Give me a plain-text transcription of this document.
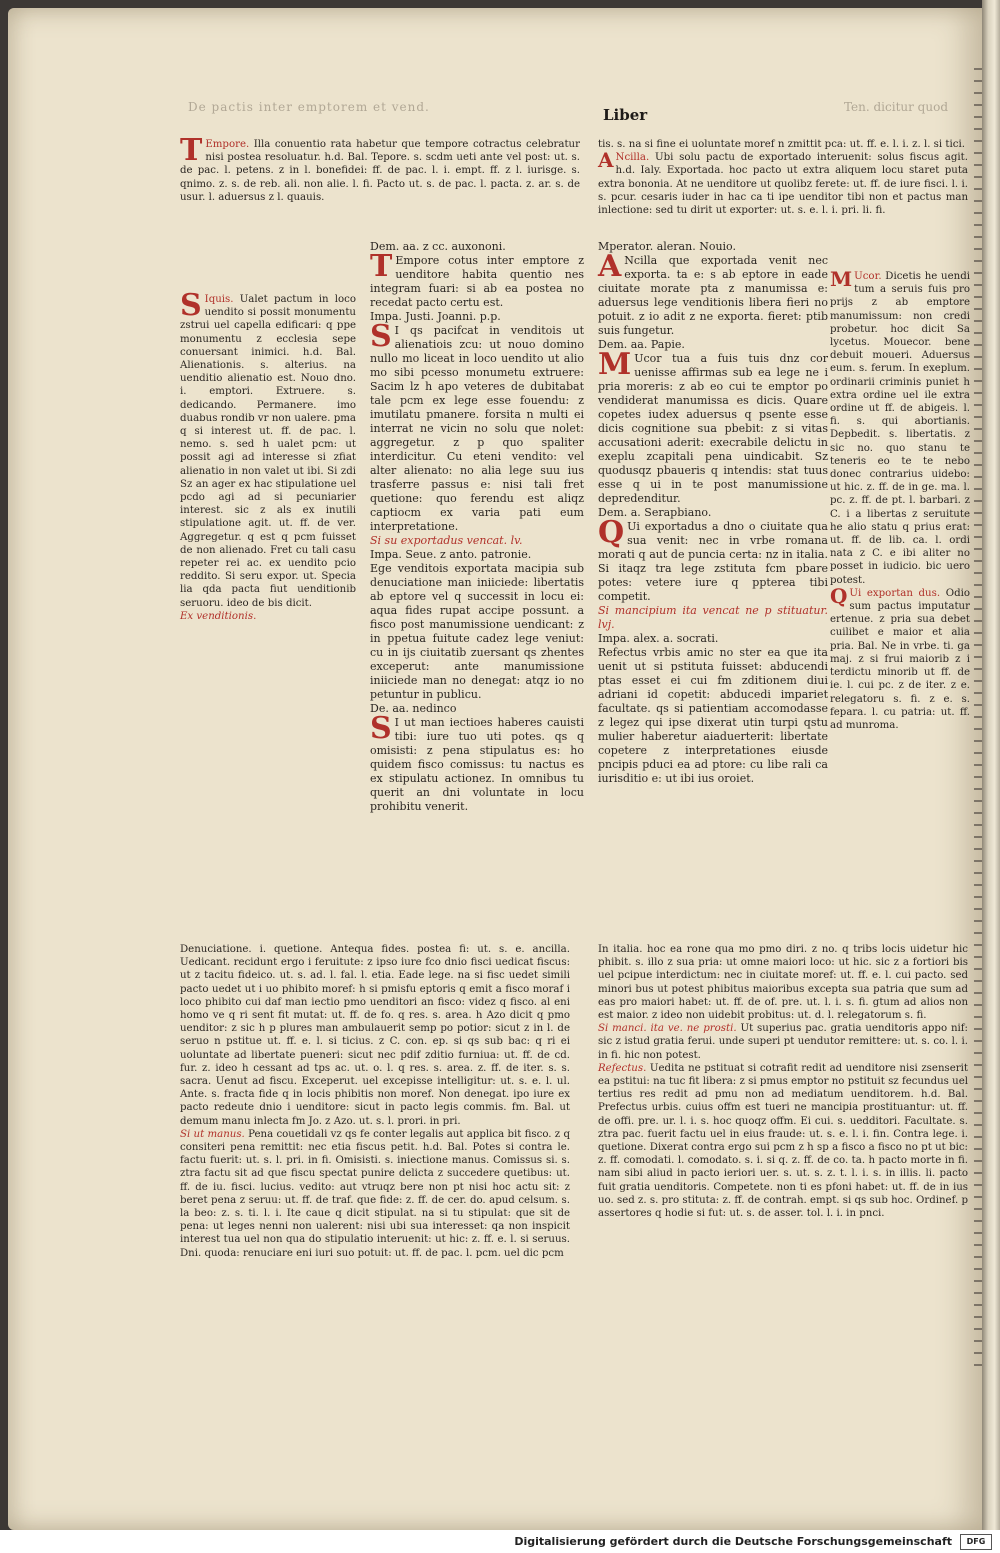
De pactis inter emptorem et vend.	Liber	Ten. dicitur quod

T Empore. Illa conuentio rata habetur que tempore cotractus celebratur nisi postea resoluatur. h.d. Bal. Tepore. s. scdm ueti ante vel post: ut. s. de pac. l. petens. z in l. bonefidei: ff. de pac. l. i. empt. ff. z l. iurisge. s. qnimo. z. s. de reb. ali. non alie. l. fi. Pacto ut. s. de pac. l. pacta. z. ar. s. de usur. l. aduersus z l. quauis.

S Iquis. Ualet pactum in loco uendito si possit monumentu zstrui uel capella edificari: q ppe monumentu z ecclesia sepe conuersant inimici. h.d. Bal. Alienationis. s. alterius. na uenditio alienatio est. Nouo dno. i. emptori. Extruere. s. dedicando. Permanere. imo duabus rondib vr non ualere. pma q si interest ut. ff. de pac. l. nemo. s. sed h ualet pcm: ut possit agi ad interesse si zfiat alienatio in non valet ut ibi. Si zdi Sz an ager ex hac stipulatione uel pcdo agi ad si pecuniarier interest. sic z als ex inutili stipulatione agit. ut. ff. de ver. Aggregetur. q est q pcm fuisset de non alienado. Fret cu tali casu repeter rei ac. ex uendito pcio reddito. Si seru expor. ut. Specia lia qda pacta fiut uenditionib seruoru. ideo de bis dicit.

Ex venditionis.

Dem. aa. z cc. auxononi.

T Empore cotus inter emptore z uenditore habita quentio nes integram fuari: si ab ea postea no recedat pacto certu est.

Impa. Justi. Joanni. p.p.

S I qs pacifcat in venditois ut alienatiois zcu: ut nouo domino nullo mo liceat in loco uendito ut alio mo sibi pcesso monumetu extruere: Sacim lz h apo veteres de dubitabat tale pcm ex lege esse fouendu: z imutilatu pmanere. forsita n multi ei interrat ne vicin no solu que nolet: aggregetur. z p quo spaliter interdicitur. Cu eteni vendito: vel alter alienato: no alia lege suu ius trasferre passus e: nisi tali fret quetione: quo ferendu est aliqz captiocm ex varia pati eum interpretatione.

Si su exportadus vencat. lv.

Impa. Seue. z anto. patronie.

Ege venditois exportata macipia sub denuciatione man iniiciede: libertatis ab eptore vel q successit in locu ei: aqua fides rupat accipe possunt. a fisco post manumissione uendicant: z in ppetua fuitute cadez lege veniut: cu in ijs ciuitatib zuersant qs zhentes exceperut: ante manumissione iniiciede man no denegat: atqz io no petuntur in publicu.

De. aa. nedinco

S I ut man iectioes haberes cauisti tibi: iure tuo uti potes. qs q omisisti: z pena stipulatus es: ho quidem fisco comissus: tu nactus es ex stipulatu actionez. In omnibus tu querit an dni voluntate in locu prohibitu venerit.

tis. s. na si fine ei uoluntate moref n zmittit pca: ut. ff. e. l. i. z. l. si tici.

A Ncilla. Ubi solu pactu de exportado interuenit: solus fiscus agit. h.d. Ialy. Exportada. hoc pacto ut extra aliquem locu staret puta extra bononia. At ne uenditore ut quolibz ferete: ut. ff. de iure fisci. l. i. s. pcur. cesaris iuder in hac ca ti ipe uenditor tibi non et pactus man inlectione: sed tu dirit ut exporter: ut. s. e. l. i. pri. li. fi.

Mperator. aleran. Nouio.

A Ncilla que exportada venit nec exporta. ta e: s ab eptore in eade ciuitate morate pta z manumissa e: aduersus lege venditionis libera fieri no potuit. z io adit z ne exporta. fieret: ptib suis fungetur.

Dem. aa. Papie.

M Ucor tua a fuis tuis dnz cor uenisse affirmas sub ea lege ne i pria moreris: z ab eo cui te emptor po vendiderat manumissa es dicis. Quare copetes iudex aduersus q psente esse dicis cognitione sua pbebit: z si vitas accusationi aderit: execrabile delictu in exeplu zcapitali pena uindicabit. Sz quodusqz pbaueris q intendis: stat tuus esse q ui in te post manumissione depredenditur.

Dem. a. Serapbiano.

Q Ui exportadus a dno o ciuitate qua sua venit: nec in vrbe romana morati q aut de puncia certa: nz in italia. Si itaqz tra lege zstituta fcm pbare potes: vetere iure q ppterea tibi competit.

Si mancipium ita vencat ne p stituatur. lvj.

Impa. alex. a. socrati.

Refectus vrbis amic no ster ea que ita uenit ut si pstituta fuisset: abducendi ptas esset ei cui fm zditionem diui adriani id copetit: abducedi impariet facultate. qs si patientiam accomodasse z legez qui ipse dixerat utin turpi qstu mulier haberetur aiaduerterit: libertate copetere z interpretationes eiusde pncipis pduci ea ad ptore: cu libe rali ca iurisditio e: ut ibi ius oroiet.

M Ucor. Dicetis he uendi tum a seruis fuis pro prijs z ab emptore manumissum: non credi probetur. hoc dicit Sa lycetus. Mouecor. bene debuit moueri. Aduersus eum. s. ferum. In exeplum. ordinarii criminis puniet h extra ordine uel ile extra ordine ut ff. de abigeis. l. fi. s. qui abortianis. Depbedit. s. libertatis. z sic no. quo stanu te teneris eo te te nebo donec contrarius uidebo: ut hic. z. ff. de in ge. ma. l. pc. z. ff. de pt. l. barbari. z C. i a libertas z seruitute he alio statu q prius erat: ut. ff. de lib. ca. l. ordi nata z C. e ibi aliter no posset in iudicio. bic uero potest.

Q Ui exportan dus. Odio sum pactus imputatur ertenue. z pria sua debet cuilibet e maior et alia pria. Bal. Ne in vrbe. ti. ga maj. z si frui maiorib z i terdictu minorib ut ff. de ie. l. cui pc. z de iter. z e. relegatoru s. fi. z e. s. fepara. l. cu patria: ut. ff. ad munroma.

Denuciatione. i. quetione. Antequa fides. postea fi: ut. s. e. ancilla. Uedicant. recidunt ergo i feruitute: z ipso iure fco dnio fisci uedicat fiscus: ut z tacitu fideico. ut. s. ad. l. fal. l. etia. Eade lege. na si fisc uedet simili pacto uedet ut i uo phibito moref: h si pmisfu eptoris q emit a fisco moraf i loco phibito cui daf man iectio pmo uenditori an fisco: videz q fisco. al eni homo ve q ri sent fit mutat: ut. ff. de fo. q res. s. area. h Azo dicit q pmo uenditor: z sic h p plures man ambulauerit semp po potior: sicut z in l. de seruo n pstitue ut. ff. e. l. si ticius. z C. con. ep. si qs sub bac: q ri ei uoluntate ad libertate pueneri: sicut nec pdif zditio furniua: ut. ff. de cd. fur. z. ideo h cessant ad tps ac. ut. o. l. q res. s. area. z. ff. de iter. s. s. sacra. Uenut ad fiscu. Exceperut. uel excepisse intelligitur: ut. s. e. l. ul. Ante. s. fracta fide q in locis phibitis non moref. Non denegat. ipo iure ex pacto redeute dnio i uenditore: sicut in pacto legis commis. fm. Bal. ut demum manu inlecta fm Jo. z Azo. ut. s. l. prori. in pri.

Si ut manus. Pena couetidali vz qs fe conter legalis aut applica bit fisco. z q consiteri pena remittit: nec etia fiscus petit. h.d. Bal. Potes si contra le. factu fuerit: ut. s. l. pri. in fi. Omisisti. s. iniectione manus. Comissus si. s. ztra factu sit ad que fiscu spectat punire delicta z succedere quetibus: ut. ff. de iu. fisci. lucius. vedito: aut vtruqz bere non pt nisi hoc actu sit: z beret pena z seruu: ut. ff. de traf. que fide: z. ff. de cer. do. apud celsum. s. la beo: z. s. ti. l. i. Ite caue q dicit stipulat. na si tu stipulat: que sit de pena: ut leges nenni non ualerent: nisi ubi sua interesset: qa non inspicit interest tua uel non qua do stipulatio interuenit: ut hic: z. ff. e. l. si seruus. Dni. quoda: renuciare eni iuri suo potuit: ut. ff. de pac. l. pcm. uel dic pcm

In italia. hoc ea rone qua mo pmo diri. z no. q tribs locis uidetur hic phibit. s. illo z sua pria: ut omne maiori loco: ut hic. sic z a fortiori bis uel pcipue interdictum: nec in ciuitate moref: ut. ff. e. l. cui pacto. sed minori bus ut potest phibitus maioribus excepta sua patria que sum ad eas pro maiori habet: ut. ff. de of. pre. ut. l. i. s. fi. gtum ad alios non est maior. z ideo non uidebit probitus: ut. d. l. relegatorum s. fi.

Si manci. ita ve. ne prosti. Ut superius pac. gratia uenditoris appo nif: sic z istud gratia ferui. unde superi pt uendutor remittere: ut. s. co. l. i. in fi. hic non potest.

Refectus. Uedita ne pstituat si cotrafit redit ad uenditore nisi zsenserit ea pstitui: na tuc fit libera: z si pmus emptor no pstituit sz fecundus uel tertius res redit ad pmu non ad mediatum uenditorem. h.d. Bal. Prefectus urbis. cuius offm est tueri ne mancipia prostituantur: ut. ff. de offi. pre. ur. l. i. s. hoc quoqz offm. Ei cui. s. uedditori. Facultate. s. ztra pac. fuerit factu uel in eius fraude: ut. s. e. l. i. fin. Contra lege. i. quetione. Dixerat contra ergo sui pcm z h sp a fisco a fisco no pt ut bic: z. ff. comodati. l. comodato. s. i. si q. z. ff. de co. ta. h pacto morte in fi. nam sibi aliud in pacto ieriori uer. s. ut. s. z. t. l. i. s. in illis. li. pacto fuit gratia uenditoris. Competete. non ti es pfoni habet: ut. ff. de in ius uo. sed z. s. pro stituta: z. ff. de contrah. empt. si qs sub hoc. Ordinef. p assertores q hodie si fut: ut. s. de asser. tol. l. i. in pnci.

Digitalisierung gefördert durch die Deutsche Forschungsgemeinschaft	DFG
